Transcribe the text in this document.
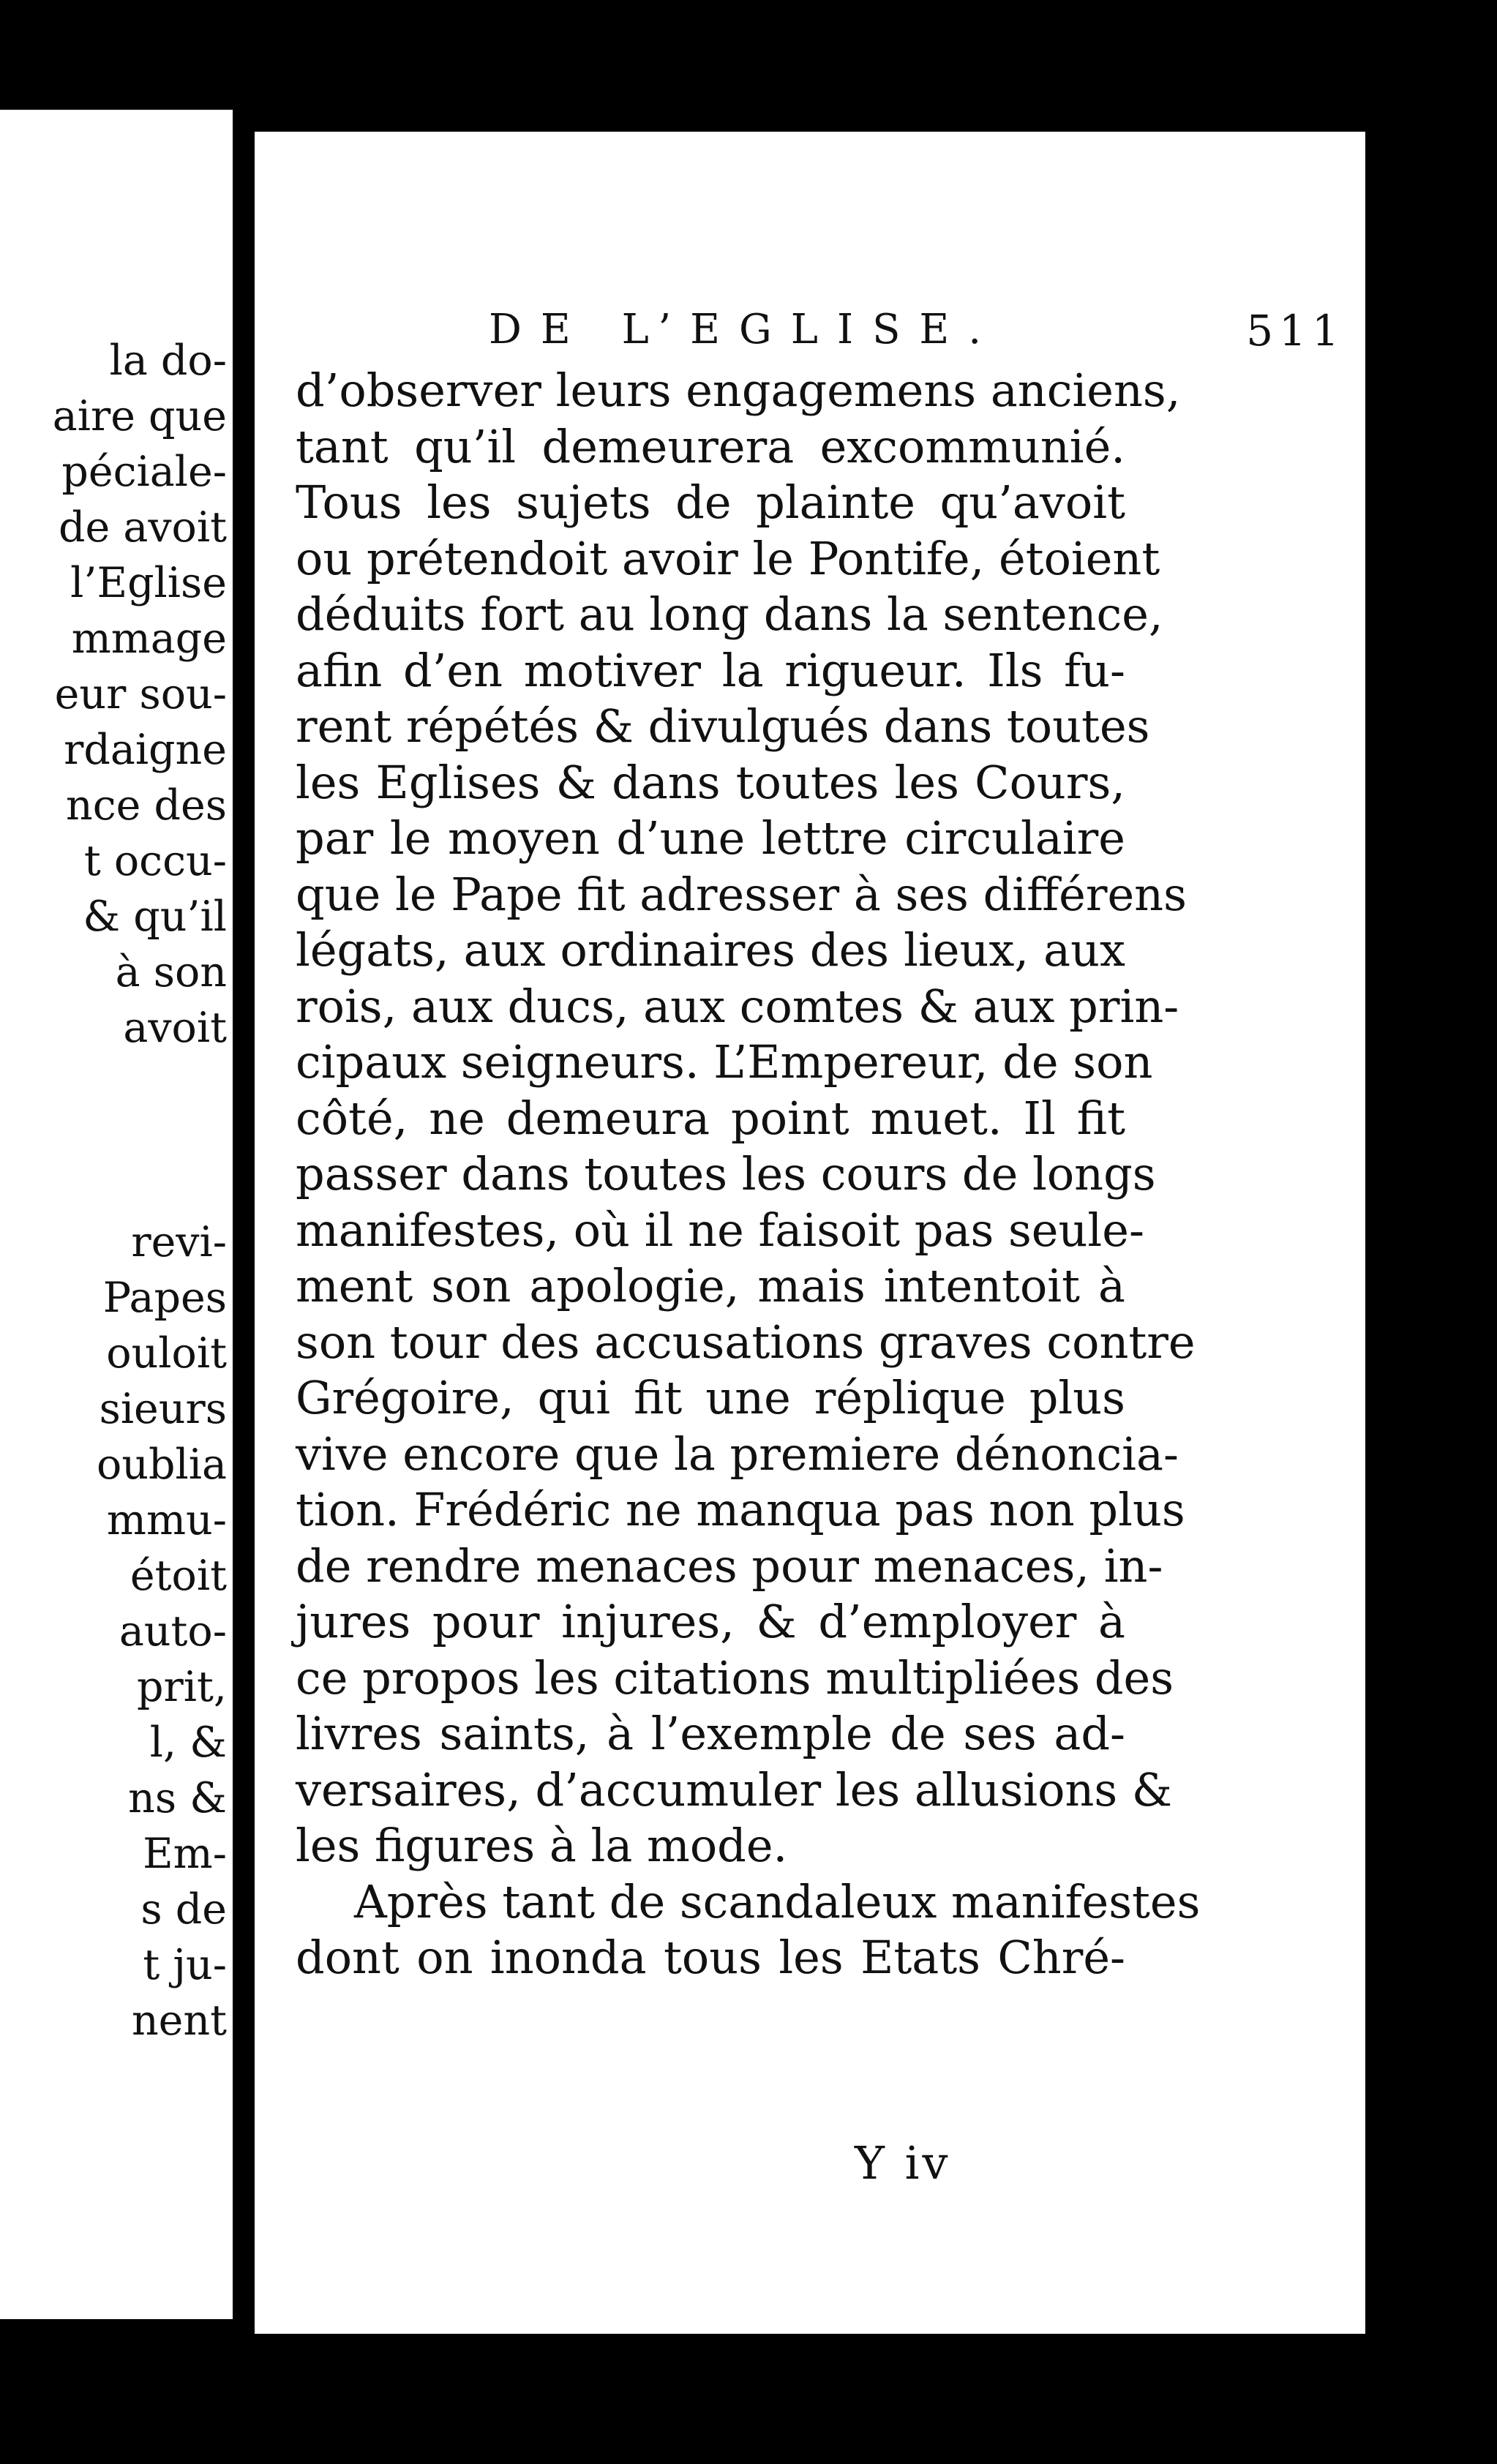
la do-
aire que
péciale-
de avoit
l’Eglise
mmage
eur sou-
rdaigne
nce des
t occu-
& qu’il
à son
avoit
revi-
Papes
ouloit
sieurs
oublia
mmu-
étoit
auto-
prit,
l, &
ns &
Em-
s de
t ju-
nent
DE L’EGLISE.	511
d’observer leurs engagemens anciens,
tant qu’il demeurera excommunié.
Tous les sujets de plainte qu’avoit
ou prétendoit avoir le Pontife, étoient
déduits fort au long dans la sentence,
afin d’en motiver la rigueur. Ils fu-
rent répétés & divulgués dans toutes
les Eglises & dans toutes les Cours,
par le moyen d’une lettre circulaire
que le Pape fit adresser à ses différens
légats, aux ordinaires des lieux, aux
rois, aux ducs, aux comtes & aux prin-
cipaux seigneurs. L’Empereur, de son
côté, ne demeura point muet. Il fit
passer dans toutes les cours de longs
manifestes, où il ne faisoit pas seule-
ment son apologie, mais intentoit à
son tour des accusations graves contre
Grégoire, qui fit une réplique plus
vive encore que la premiere dénoncia-
tion. Frédéric ne manqua pas non plus
de rendre menaces pour menaces, in-
jures pour injures, & d’employer à
ce propos les citations multipliées des
livres saints, à l’exemple de ses ad-
versaires, d’accumuler les allusions &
les figures à la mode.
Après tant de scandaleux manifestes
dont on inonda tous les Etats Chré-
Y iv
